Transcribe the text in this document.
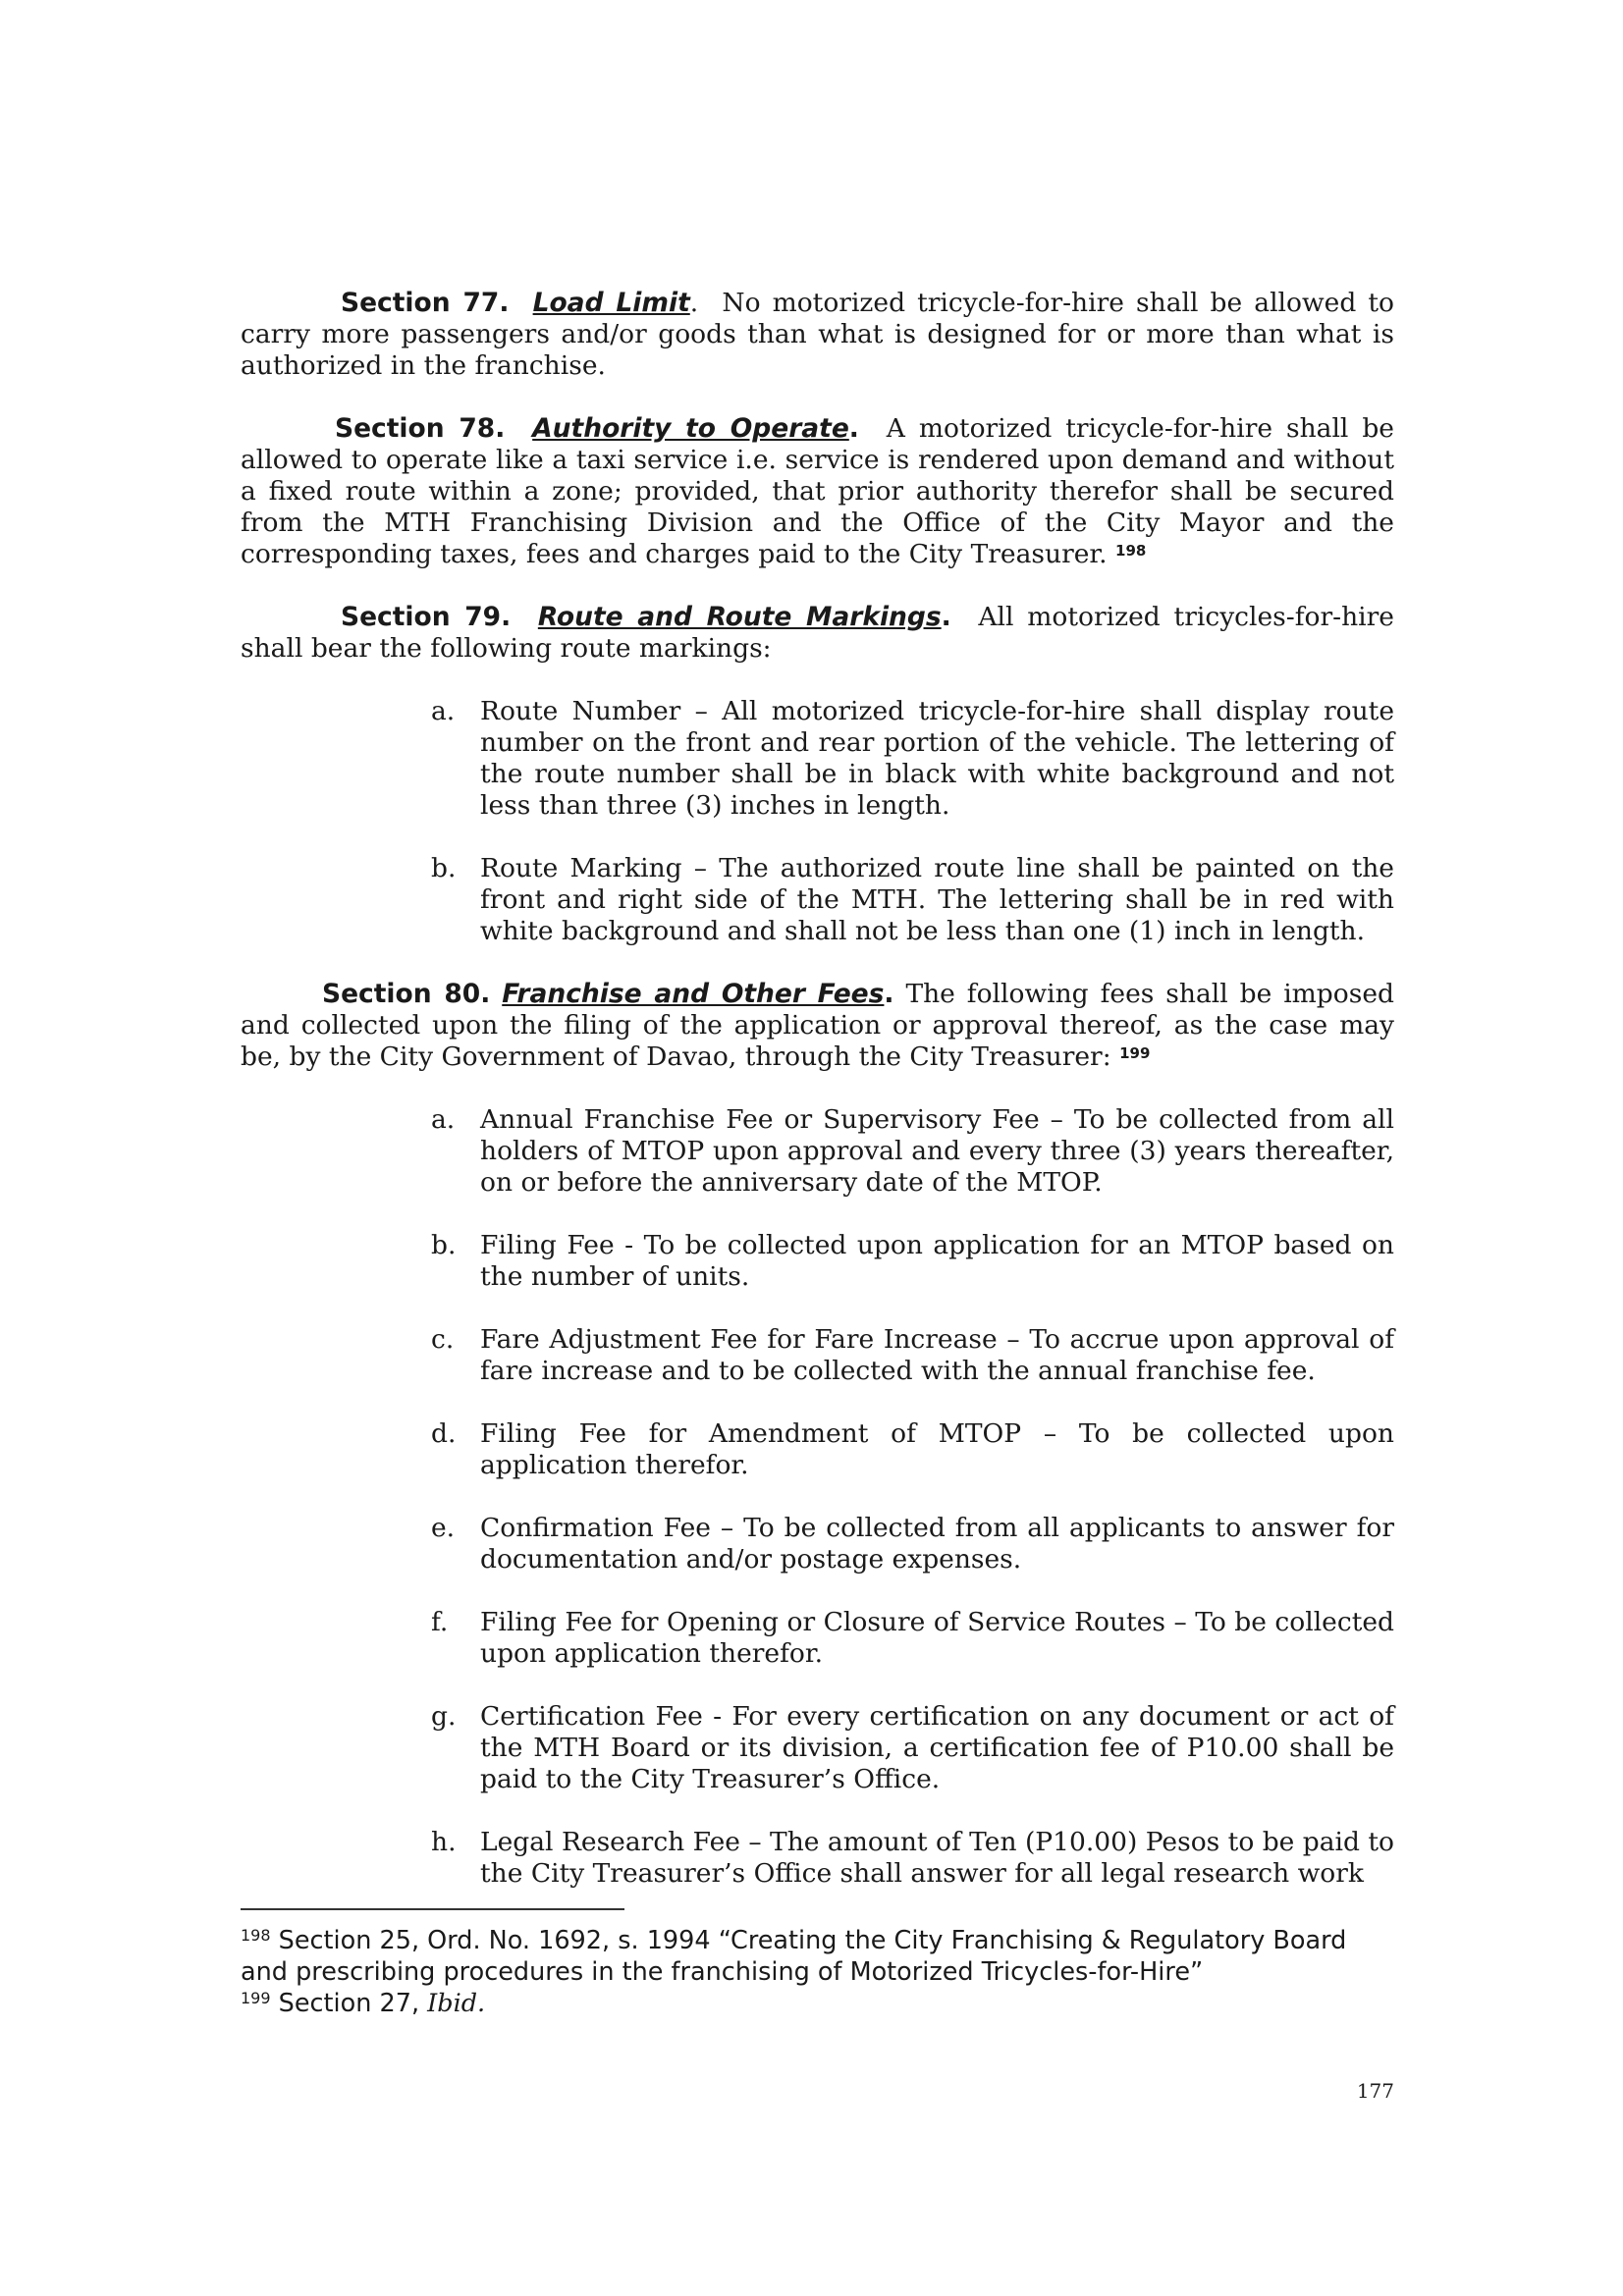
Section 77. Load Limit. No motorized tricycle-for-hire shall be allowed to carry more passengers and/or goods than what is designed for or more than what is authorized in the franchise.

Section 78. Authority to Operate. A motorized tricycle-for-hire shall be allowed to operate like a taxi service i.e. service is rendered upon demand and without a fixed route within a zone; provided, that prior authority therefor shall be secured from the MTH Franchising Division and the Office of the City Mayor and the corresponding taxes, fees and charges paid to the City Treasurer. $^{198}$

Section 79. Route and Route Markings. All motorized tricycles-for-hire shall bear the following route markings:

a. Route Number – All motorized tricycle-for-hire shall display route number on the front and rear portion of the vehicle. The lettering of the route number shall be in black with white background and not less than three (3) inches in length.
b. Route Marking – The authorized route line shall be painted on the front and right side of the MTH. The lettering shall be in red with white background and shall not be less than one (1) inch in length.

Section 80. Franchise and Other Fees. The following fees shall be imposed and collected upon the filing of the application or approval thereof, as the case may be, by the City Government of Davao, through the City Treasurer: $^{199}$

a. Annual Franchise Fee or Supervisory Fee – To be collected from all holders of MTOP upon approval and every three (3) years thereafter, on or before the anniversary date of the MTOP.
b. Filing Fee - To be collected upon application for an MTOP based on the number of units.
c. Fare Adjustment Fee for Fare Increase – To accrue upon approval of fare increase and to be collected with the annual franchise fee.
d. Filing Fee for Amendment of MTOP – To be collected upon application therefor.
e. Confirmation Fee – To be collected from all applicants to answer for documentation and/or postage expenses.
f. Filing Fee for Opening or Closure of Service Routes – To be collected upon application therefor.
g. Certification Fee - For every certification on any document or act of the MTH Board or its division, a certification fee of P10.00 shall be paid to the City Treasurer’s Office.
h. Legal Research Fee – The amount of Ten (P10.00) Pesos to be paid to the City Treasurer’s Office shall answer for all legal research work

$^{198}$ Section 25, Ord. No. 1692, s. 1994 “Creating the City Franchising & Regulatory Board and prescribing procedures in the franchising of Motorized Tricycles-for-Hire”

$^{199}$ Section 27, Ibid.

177
